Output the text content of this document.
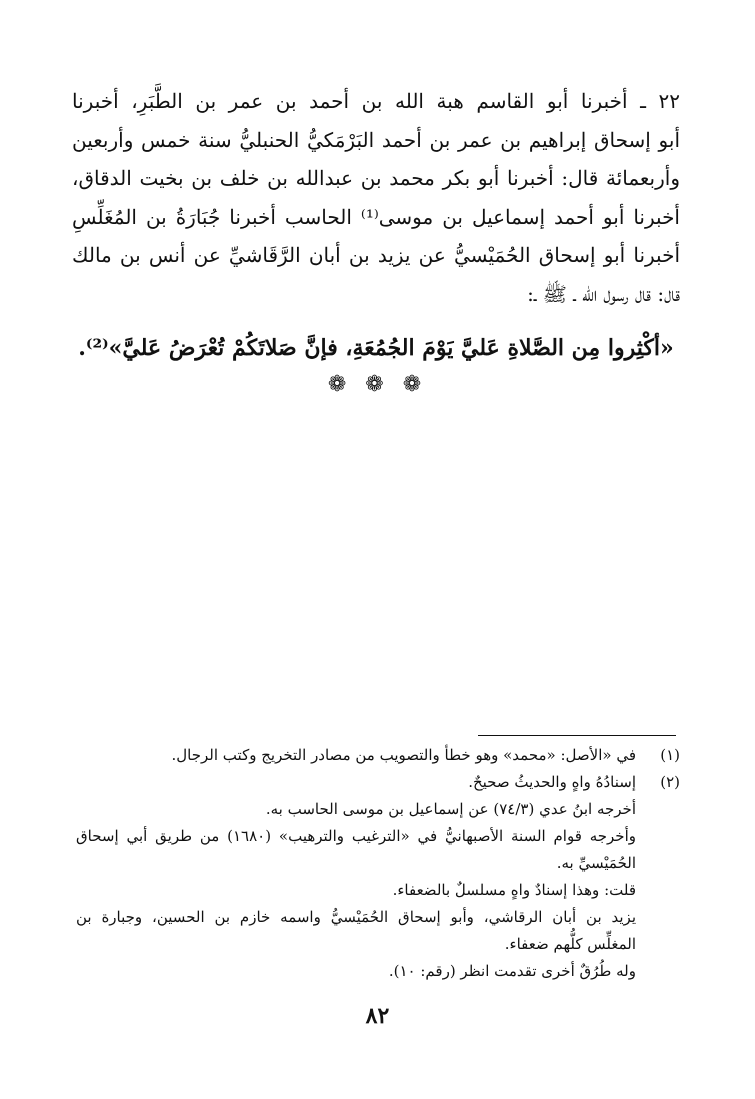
٢٢ ـ أخبرنا أبو القاسم هبة الله بن أحمد بن عمر بن الطَّبَرِ، أخبرنا
أبو إسحاق إبراهيم بن عمر بن أحمد البَرْمَكيُّ الحنبليُّ سنة خمس وأربعين
وأربعمائة قال: أخبرنا أبو بكر محمد بن عبدالله بن خلف بن بخيت الدقاق،
أخبرنا أبو أحمد إسماعيل بن موسى⁽¹⁾ الحاسب أخبرنا جُبَارَةُ بن المُغَلِّسِ
أخبرنا أبو إسحاق الحُمَيْسيُّ عن يزيد بن أبان الرَّقَاشيِّ عن أنس بن مالك
قال: قال رسول الله ـ ﷺ ـ:
«أكْثِروا مِن الصَّلاةِ عَليَّ يَوْمَ الجُمُعَةِ، فإنَّ صَلاتَكُمْ تُعْرَضُ عَليَّ»⁽²⁾.
❁ ❁ ❁
(١)
في «الأصل: «محمد» وهو خطأ والتصويب من مصادر التخريج وكتب الرجال.
(٢)
إسنادُهُ واهٍ والحديثُ صحيحٌ.
أخرجه ابنُ عدي (٧٤/٣) عن إسماعيل بن موسى الحاسب به.
وأخرجه قوام السنة الأصبهانيُّ في «الترغيب والترهيب» (١٦٨٠) من طريق أبي إسحاق
الحُمَيْسيِّ به.
قلت: وهذا إسنادٌ واهٍ مسلسلٌ بالضعفاء.
يزيد بن أبان الرقاشي، وأبو إسحاق الحُمَيْسيُّ واسمه خازم بن الحسين، وجبارة بن
المغلِّس كلُّهم ضعفاء.
وله طُرُقٌ أخرى تقدمت انظر (رقم: ١٠).
٨٢
